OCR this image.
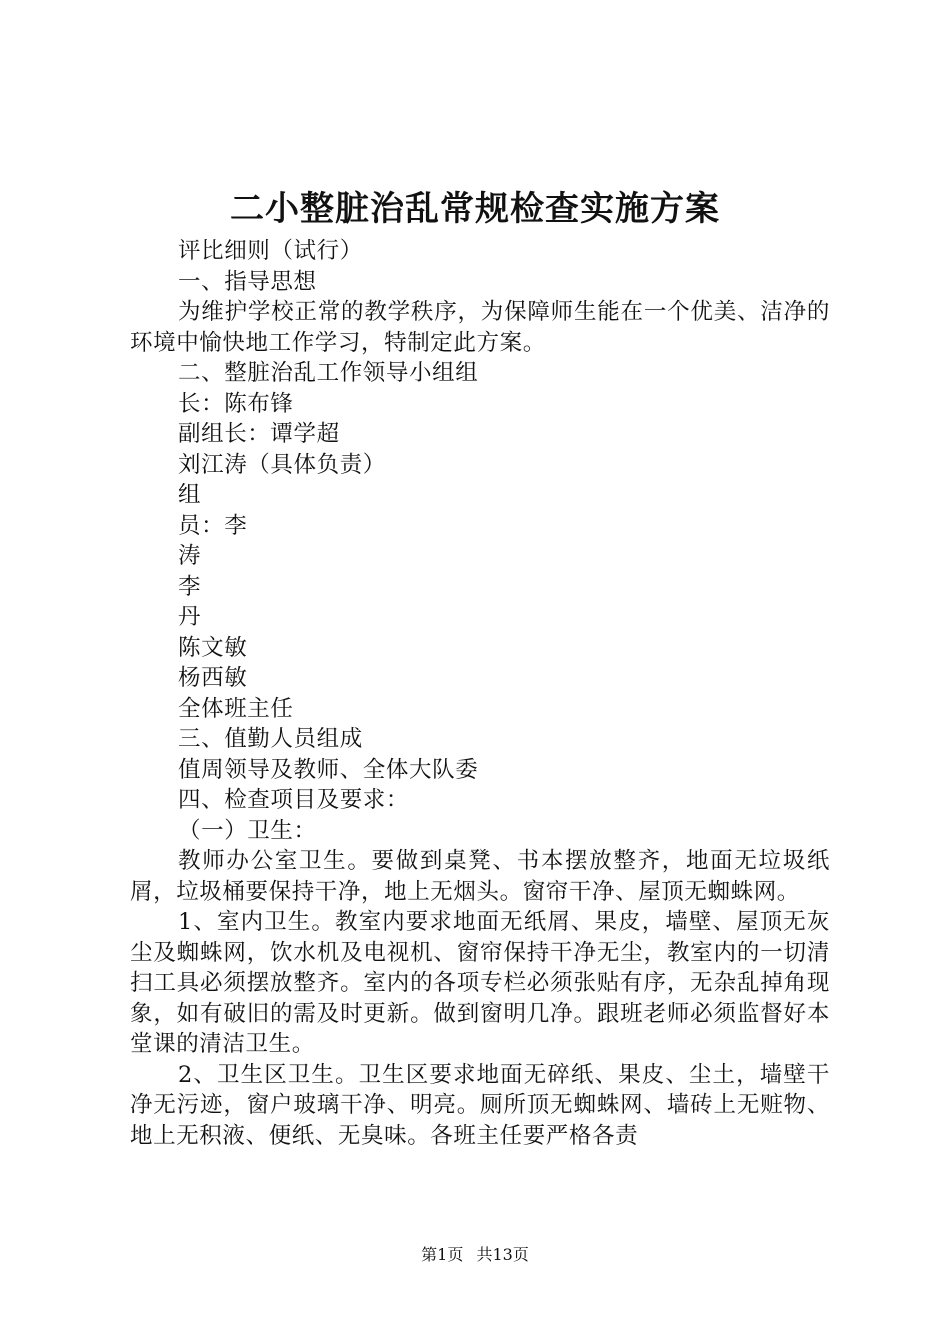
二小整脏治乱常规检查实施方案
评比细则（试行）
一、指导思想
为维护学校正常的教学秩序，为保障师生能在一个优美、洁净的环境中愉快地工作学习，特制定此方案。
二、整脏治乱工作领导小组组
长：陈布锋
副组长：谭学超
刘江涛（具体负责）
组
员：李
涛
李
丹
陈文敏
杨西敏
全体班主任
三、值勤人员组成
值周领导及教师、全体大队委
四、检查项目及要求：
（一）卫生：
教师办公室卫生。要做到桌凳、书本摆放整齐，地面无垃圾纸屑，垃圾桶要保持干净，地上无烟头。窗帘干净、屋顶无蜘蛛网。
1、室内卫生。教室内要求地面无纸屑、果皮，墙壁、屋顶无灰尘及蜘蛛网，饮水机及电视机、窗帘保持干净无尘，教室内的一切清扫工具必须摆放整齐。室内的各项专栏必须张贴有序，无杂乱掉角现象，如有破旧的需及时更新。做到窗明几净。跟班老师必须监督好本堂课的清洁卫生。
2、卫生区卫生。卫生区要求地面无碎纸、果皮、尘土，墙壁干净无污迹，窗户玻璃干净、明亮。厕所顶无蜘蛛网、墙砖上无赃物、地上无积液、便纸、无臭味。各班主任要严格各责
第1页 共13页
